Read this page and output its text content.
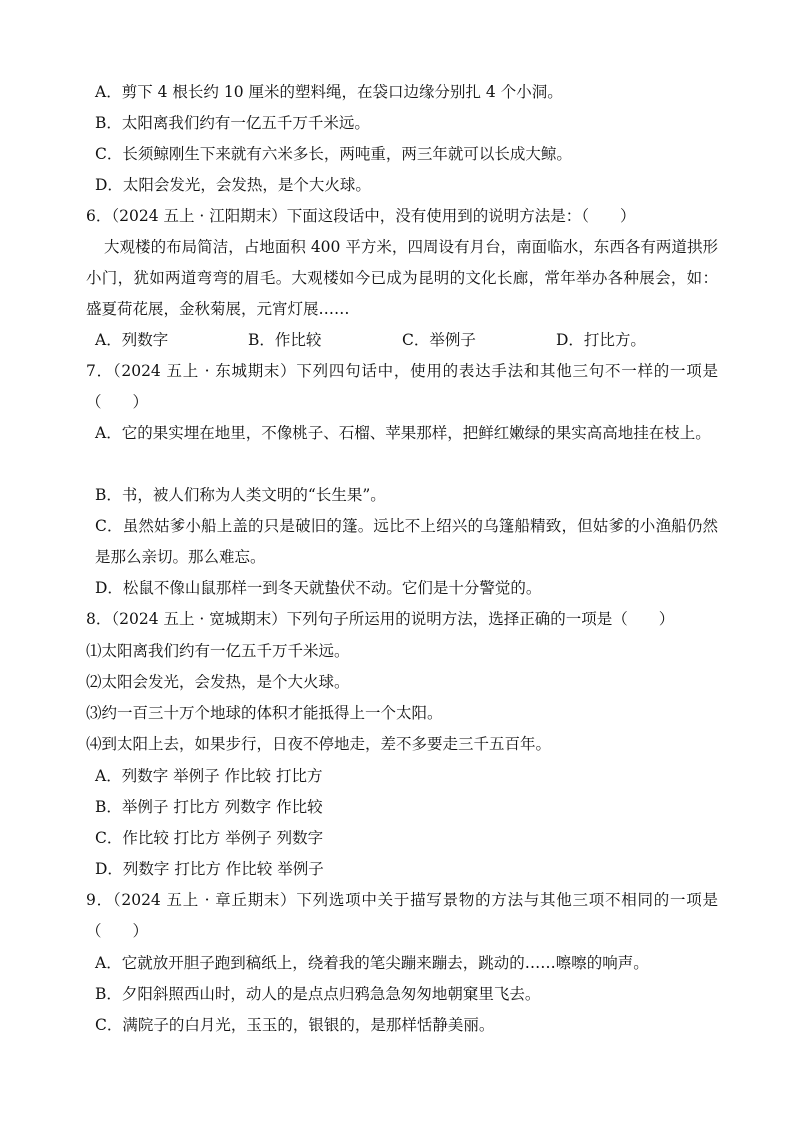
A．剪下 4 根长约 10 厘米的塑料绳，在袋口边缘分别扎 4 个小洞。
B．太阳离我们约有一亿五千万千米远。
C．长须鲸刚生下来就有六米多长，两吨重，两三年就可以长成大鲸。
D．太阳会发光，会发热，是个大火球。
6．（2024 五上 · 江阳期末）下面这段话中，没有使用到的说明方法是：（　　）
大观楼的布局简洁，占地面积 400 平方米，四周设有月台，南面临水，东西各有两道拱形小门，犹如两道弯弯的眉毛。大观楼如今已成为昆明的文化长廊，常年举办各种展会，如：盛夏荷花展，金秋菊展，元宵灯展……
A．列数字	B．作比较	C．举例子	D．打比方。
7．（2024 五上 · 东城期末）下列四句话中，使用的表达手法和其他三句不一样的一项是（　　）
A．它的果实埋在地里，不像桃子、石榴、苹果那样，把鲜红嫩绿的果实高高地挂在枝上。
B．书，被人们称为人类文明的“长生果”。
C．虽然姑爹小船上盖的只是破旧的篷。远比不上绍兴的乌篷船精致，但姑爹的小渔船仍然是那么亲切。那么难忘。
D．松鼠不像山鼠那样一到冬天就蛰伏不动。它们是十分警觉的。
8．（2024 五上 · 宽城期末）下列句子所运用的说明方法，选择正确的一项是（　　）
⑴太阳离我们约有一亿五千万千米远。
⑵太阳会发光，会发热，是个大火球。
⑶约一百三十万个地球的体积才能抵得上一个太阳。
⑷到太阳上去，如果步行，日夜不停地走，差不多要走三千五百年。
A．列数字 举例子 作比较 打比方
B．举例子 打比方 列数字 作比较
C．作比较 打比方 举例子 列数字
D．列数字 打比方 作比较 举例子
9．（2024 五上 · 章丘期末）下列选项中关于描写景物的方法与其他三项不相同的一项是（　　）
A．它就放开胆子跑到稿纸上，绕着我的笔尖蹦来蹦去，跳动的……嚓嚓的响声。
B．夕阳斜照西山时，动人的是点点归鸦急急匆匆地朝窠里飞去。
C．满院子的白月光，玉玉的，银银的，是那样恬静美丽。
